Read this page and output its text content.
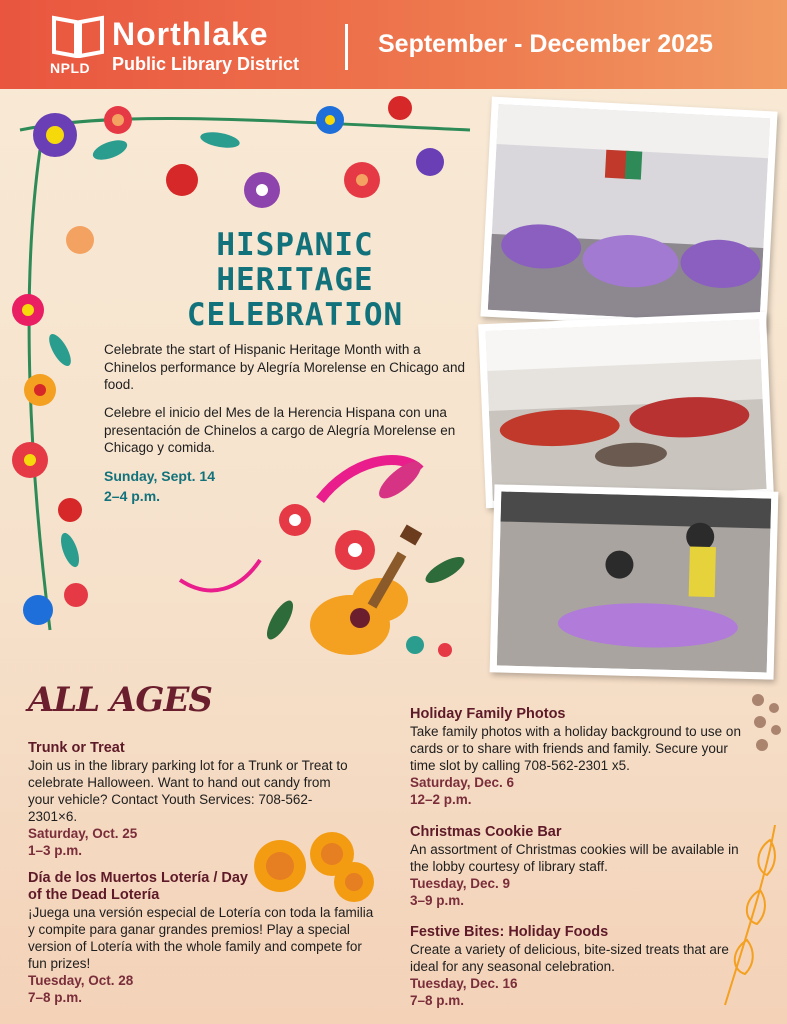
NPLD
Northlake
Public Library District
September - December 2025
HISPANIC
HERITAGE
CELEBRATION
Celebrate the start of Hispanic Heritage Month with a Chinelos performance by Alegría Morelense en Chicago and food.
Celebre el inicio del Mes de la Herencia Hispana con una presentación de Chinelos a cargo de Alegría Morelense en Chicago y comida.
Sunday, Sept. 14
2–4 p.m.
ALL AGES
Trunk or Treat
Join us in the library parking lot for a Trunk or Treat to celebrate Halloween. Want to hand out candy from your vehicle? Contact Youth Services: 708-562-2301×6.
Saturday, Oct. 25
1–3 p.m.
Día de los Muertos Lotería / Day of the Dead Lotería
¡Juega una versión especial de Lotería con toda la familia y compite para ganar grandes premios! Play a special version of Lotería with the whole family and compete for fun prizes!
Tuesday, Oct. 28
7–8 p.m.
Holiday Family Photos
Take family photos with a holiday background to use on cards or to share with friends and family. Secure your time slot by calling 708-562-2301 x5.
Saturday, Dec. 6
12–2 p.m.
Christmas Cookie Bar
An assortment of Christmas cookies will be available in the lobby courtesy of library staff.
Tuesday, Dec. 9
3–9 p.m.
Festive Bites: Holiday Foods
Create a variety of delicious, bite-sized treats that are ideal for any seasonal celebration.
Tuesday, Dec. 16
7–8 p.m.
